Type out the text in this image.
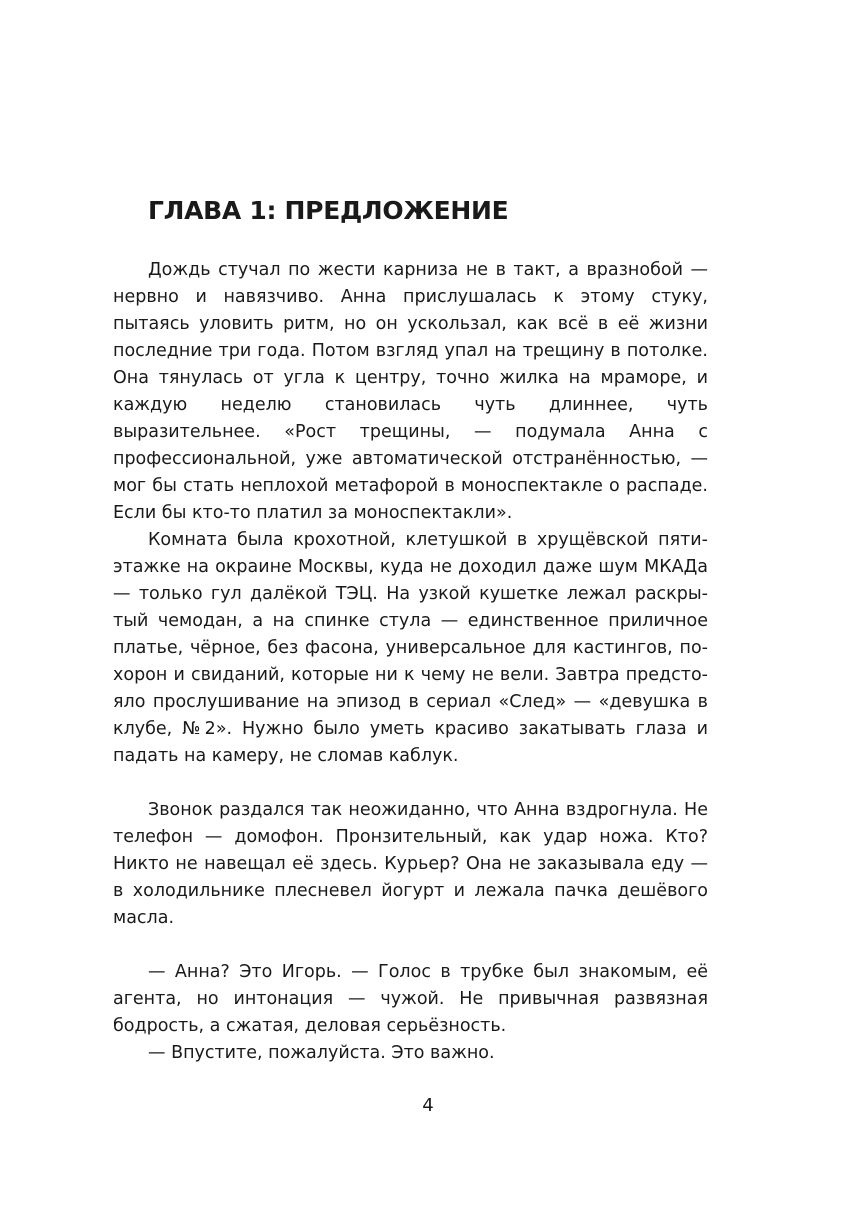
ГЛАВА 1: ПРЕДЛОЖЕНИЕ

Дождь стучал по жести карниза не в такт, а вразнобой — нервно и навязчиво. Анна прислушалась к этому стуку, пытаясь уловить ритм, но он ускользал, как всё в её жизни последние три года. Потом взгляд упал на трещину в потолке. Она тянулась от угла к центру, точно жилка на мраморе, и каждую неделю становилась чуть длиннее, чуть выразительнее. «Рост трещины, — подумала Анна с профессиональной, уже автоматической отстранённостью, — мог бы стать неплохой метафорой в моноспектакле о распаде. Если бы кто-то платил за моноспектакли».

Комната была крохотной, клетушкой в хрущёвской пятиэтажке на окраине Москвы, куда не доходил даже шум МКАДа — только гул далёкой ТЭЦ. На узкой кушетке лежал раскрытый чемодан, а на спинке стула — единственное приличное платье, чёрное, без фасона, универсальное для кастингов, похорон и свиданий, которые ни к чему не вели. Завтра предстояло прослушивание на эпизод в сериал «След» — «девушка в клубе, №2». Нужно было уметь красиво закатывать глаза и падать на камеру, не сломав каблук.

Звонок раздался так неожиданно, что Анна вздрогнула. Не телефон — домофон. Пронзительный, как удар ножа. Кто? Никто не навещал её здесь. Курьер? Она не заказывала еду — в холодильнике плесневел йогурт и лежала пачка дешёвого масла.

— Анна? Это Игорь. — Голос в трубке был знакомым, её агента, но интонация — чужой. Не привычная развязная бодрость, а сжатая, деловая серьёзность.

— Впустите, пожалуйста. Это важно.

4
